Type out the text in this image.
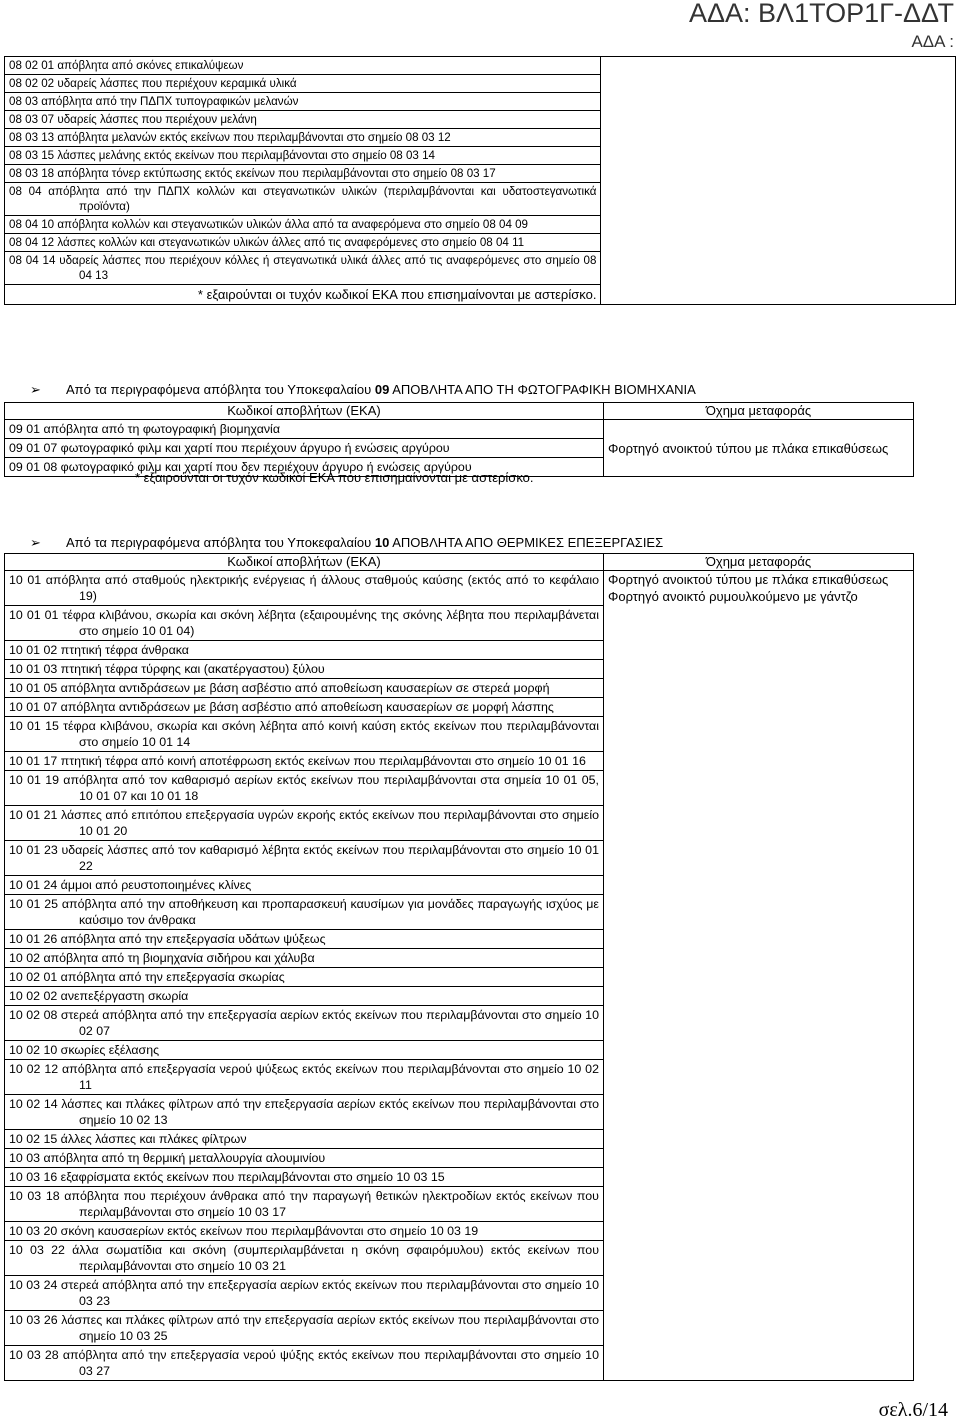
ΑΔΑ: ΒΛ1ΤΟΡ1Γ-ΔΔΤ
ΑΔΑ :
08 02 01 απόβλητα από σκόνες επικαλύψεων

08 02 02 υδαρείς λάσπες που περιέχουν κεραμικά υλικά

08 03 απόβλητα από την ΠΔΠΧ τυπογραφικών μελανών

08 03 07 υδαρείς λάσπες που περιέχουν μελάνη

08 03 13 απόβλητα μελανών εκτός εκείνων που περιλαμβάνονται στο σημείο 08 03 12

08 03 15 λάσπες μελάνης εκτός εκείνων που περιλαμβάνονται στο σημείο 08 03 14

08 03 18 απόβλητα τόνερ εκτύπωσης εκτός εκείνων που περιλαμβάνονται στο σημείο 08 03 17

08 04 απόβλητα από την ΠΔΠΧ κολλών και στεγανωτικών υλικών (περιλαμβάνονται και υδατοστεγανωτικά προϊόντα)

08 04 10 απόβλητα κολλών και στεγανωτικών υλικών άλλα από τα αναφερόμενα στο σημείο 08 04 09

08 04 12 λάσπες κολλών και στεγανωτικών υλικών άλλες από τις αναφερόμενες στο σημείο 08 04 11

08 04 14 υδαρείς λάσπες που περιέχουν κόλλες ή στεγανωτικά υλικά άλλες από τις αναφερόμενες στο σημείο 08 04 13

* εξαιρούνται οι τυχόν κωδικοί ΕΚΑ που επισημαίνονται με αστερίσκο.
➢ Από τα περιγραφόμενα απόβλητα του Υποκεφαλαίου 09 ΑΠΟΒΛΗΤΑ ΑΠΟ ΤΗ ΦΩΤΟΓΡΑΦΙΚΗ ΒΙΟΜΗΧΑΝΙΑ
Κωδικοί αποβλήτων (ΕΚΑ)	Όχημα μεταφοράς

09 01 απόβλητα από τη φωτογραφική βιομηχανία	Φορτηγό ανοικτού τύπου με πλάκα επικαθύσεως

09 01 07 φωτογραφικό φιλμ και χαρτί που περιέχουν άργυρο ή ενώσεις αργύρου	

09 01 08 φωτογραφικό φιλμ και χαρτί που δεν περιέχουν άργυρο ή ενώσεις αργύρου	
* εξαιρούνται οι τυχόν κωδικοί ΕΚΑ που επισημαίνονται με αστερίσκο.
➢ Από τα περιγραφόμενα απόβλητα του Υποκεφαλαίου 10 ΑΠΟΒΛΗΤΑ ΑΠΟ ΘΕΡΜΙΚΕΣ ΕΠΕΞΕΡΓΑΣΙΕΣ
Κωδικοί αποβλήτων (ΕΚΑ)	Όχημα μεταφοράς

10 01 απόβλητα από σταθμούς ηλεκτρικής ενέργειας ή άλλους σταθμούς καύσης (εκτός από το κεφάλαιο 19)	Φορτηγό ανοικτού τύπου με πλάκα επικαθύσεως
Φορτηγό ανοικτό ρυμουλκούμενο με γάντζο

10 01 01 τέφρα κλιβάνου, σκωρία και σκόνη λέβητα (εξαιρουμένης της σκόνης λέβητα που περιλαμβάνεται στο σημείο 10 01 04)	

10 01 02 πτητική τέφρα άνθρακα	

10 01 03 πτητική τέφρα τύρφης και (ακατέργαστου) ξύλου	

10 01 05 απόβλητα αντιδράσεων με βάση ασβέστιο από αποθείωση καυσαερίων σε στερεά μορφή	

10 01 07 απόβλητα αντιδράσεων με βάση ασβέστιο από αποθείωση καυσαερίων σε μορφή λάσπης	

10 01 15 τέφρα κλιβάνου, σκωρία και σκόνη λέβητα από κοινή καύση εκτός εκείνων που περιλαμβάνονται στο σημείο 10 01 14	

10 01 17 πτητική τέφρα από κοινή αποτέφρωση εκτός εκείνων που περιλαμβάνονται στο σημείο 10 01 16	

10 01 19 απόβλητα από τον καθαρισμό αερίων εκτός εκείνων που περιλαμβάνονται στα σημεία 10 01 05, 10 01 07 και 10 01 18	

10 01 21 λάσπες από επιτόπου επεξεργασία υγρών εκροής εκτός εκείνων που περιλαμβάνονται στο σημείο 10 01 20	

10 01 23 υδαρείς λάσπες από τον καθαρισμό λέβητα εκτός εκείνων που περιλαμβάνονται στο σημείο 10 01 22	

10 01 24 άμμοι από ρευστοποιημένες κλίνες	

10 01 25 απόβλητα από την αποθήκευση και προπαρασκευή καυσίμων για μονάδες παραγωγής ισχύος με καύσιμο τον άνθρακα	

10 01 26 απόβλητα από την επεξεργασία υδάτων ψύξεως	

10 02 απόβλητα από τη βιομηχανία σιδήρου και χάλυβα	

10 02 01 απόβλητα από την επεξεργασία σκωρίας	

10 02 02 ανεπεξέργαστη σκωρία	

10 02 08 στερεά απόβλητα από την επεξεργασία αερίων εκτός εκείνων που περιλαμβάνονται στο σημείο 10 02 07	

10 02 10 σκωρίες εξέλασης	

10 02 12 απόβλητα από επεξεργασία νερού ψύξεως εκτός εκείνων που περιλαμβάνονται στο σημείο 10 02 11	

10 02 14 λάσπες και πλάκες φίλτρων από την επεξεργασία αερίων εκτός εκείνων που περιλαμβάνονται στο σημείο 10 02 13	

10 02 15 άλλες λάσπες και πλάκες φίλτρων	

10 03 απόβλητα από τη θερμική μεταλλουργία αλουμινίου	

10 03 16 εξαφρίσματα εκτός εκείνων που περιλαμβάνονται στο σημείο 10 03 15	

10 03 18 απόβλητα που περιέχουν άνθρακα από την παραγωγή θετικών ηλεκτροδίων εκτός εκείνων που περιλαμβάνονται στο σημείο 10 03 17	

10 03 20 σκόνη καυσαερίων εκτός εκείνων που περιλαμβάνονται στο σημείο 10 03 19	

10 03 22 άλλα σωματίδια και σκόνη (συμπεριλαμβάνεται η σκόνη σφαιρόμυλου) εκτός εκείνων που περιλαμβάνονται στο σημείο 10 03 21	

10 03 24 στερεά απόβλητα από την επεξεργασία αερίων εκτός εκείνων που περιλαμβάνονται στο σημείο 10 03 23	

10 03 26 λάσπες και πλάκες φίλτρων από την επεξεργασία αερίων εκτός εκείνων που περιλαμβάνονται στο σημείο 10 03 25	

10 03 28 απόβλητα από την επεξεργασία νερού ψύξης εκτός εκείνων που περιλαμβάνονται στο σημείο 10 03 27	
σελ.6/14
